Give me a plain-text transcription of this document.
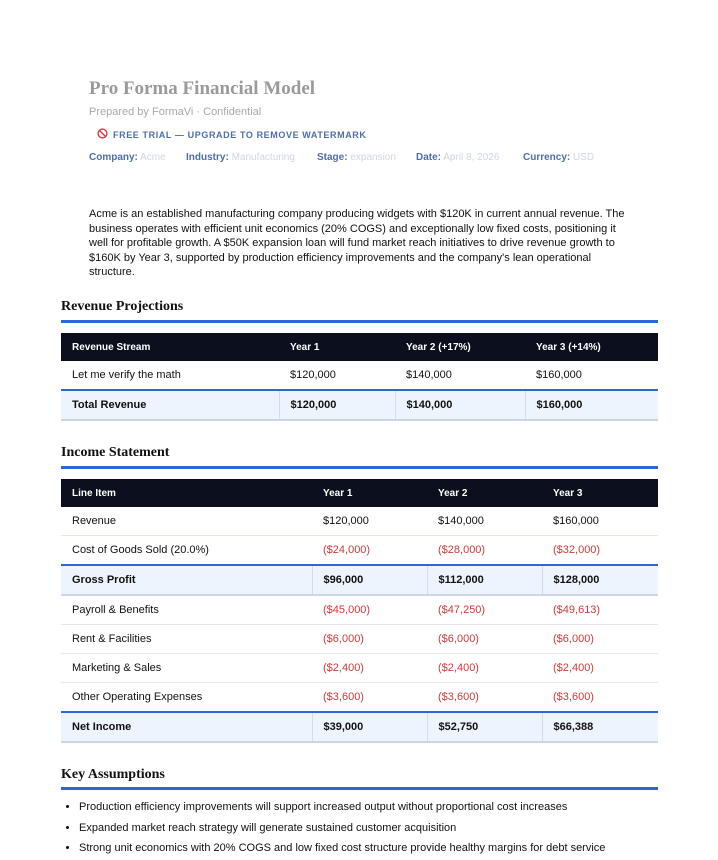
Pro Forma Financial Model
Prepared by FormaVi · Confidential
FREE TRIAL — UPGRADE TO REMOVE WATERMARK
Company: Acme Industry: Manufacturing Stage: expansion Date: April 8, 2026 Currency: USD
Acme is an established manufacturing company producing widgets with $120K in current annual revenue. The business operates with efficient unit economics (20% COGS) and exceptionally low fixed costs, positioning it well for profitable growth. A $50K expansion loan will fund market reach initiatives to drive revenue growth to $160K by Year 3, supported by production efficiency improvements and the company's lean operational structure.
Revenue Projections
Revenue Stream	Year 1	Year 2 (+17%)	Year 3 (+14%)
Let me verify the math	$120,000	$140,000	$160,000
Total Revenue	$120,000	$140,000	$160,000
Income Statement
Line Item	Year 1	Year 2	Year 3
Revenue	$120,000	$140,000	$160,000
Cost of Goods Sold (20.0%)	($24,000)	($28,000)	($32,000)
Gross Profit	$96,000	$112,000	$128,000
Payroll & Benefits	($45,000)	($47,250)	($49,613)
Rent & Facilities	($6,000)	($6,000)	($6,000)
Marketing & Sales	($2,400)	($2,400)	($2,400)
Other Operating Expenses	($3,600)	($3,600)	($3,600)
Net Income	$39,000	$52,750	$66,388
Key Assumptions
• Production efficiency improvements will support increased output without proportional cost increases
• Expanded market reach strategy will generate sustained customer acquisition
• Strong unit economics with 20% COGS and low fixed cost structure provide healthy margins for debt service
